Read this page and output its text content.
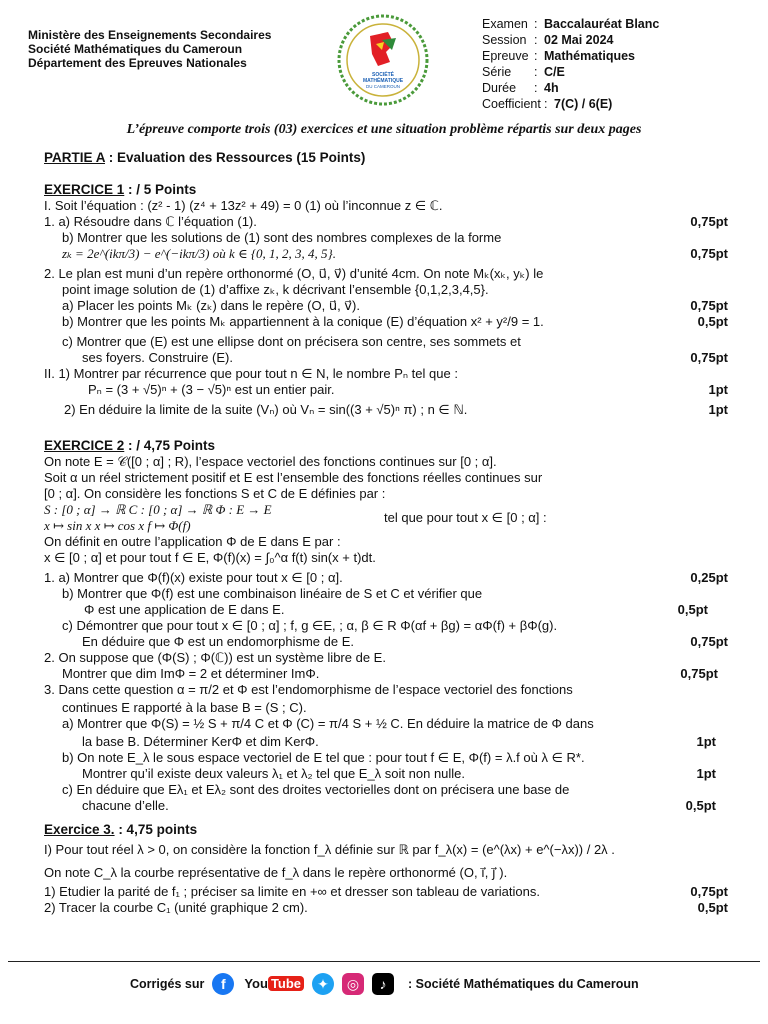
Ministère des Enseignements Secondaires
Société Mathématiques du Cameroun
Département des Epreuves Nationales
SOCIÉTÉ
MATHÉMATIQUE
DU CAMEROUN
Examen : Baccalauréat Blanc
Session : 02 Mai 2024
Epreuve : Mathématiques
Série	: C/E
Durée	: 4h
Coefficient : 7(C) / 6(E)
L’épreuve comporte trois (03) exercices et une situation problème répartis sur deux pages
PARTIE A : Evaluation des Ressources (15 Points)
EXERCICE 1 : / 5 Points
I. Soit l’équation : (z² - 1) (z⁴ + 13z² + 49) = 0 (1) où l’inconnue z ∈ ℂ.
1. a) Résoudre dans ℂ l’équation (1).	0,75pt
b) Montrer que les solutions de (1) sont des nombres complexes de la forme
zₖ = 2e^(ikπ/3) − e^(−ikπ/3) où k ∈ {0, 1, 2, 3, 4, 5}.	0,75pt
2. Le plan est muni d’un repère orthonormé (O, u⃗, v⃗) d’unité 4cm. On note Mₖ(xₖ, yₖ) le
point image solution de (1) d’affixe zₖ, k décrivant l’ensemble {0,1,2,3,4,5}.
a) Placer les points Mₖ (zₖ) dans le repère (O, u⃗, v⃗).	0,75pt
b) Montrer que les points Mₖ appartiennent à la conique (E) d’équation x² + y²/9 = 1.	0,5pt
c) Montrer que (E) est une ellipse dont on précisera son centre, ses sommets et
ses foyers. Construire (E).	0,75pt
II. 1) Montrer par récurrence que pour tout n ∈ N, le nombre Pₙ tel que :
Pₙ = (3 + √5)ⁿ + (3 − √5)ⁿ est un entier pair.	1pt
2) En déduire la limite de la suite (Vₙ) où Vₙ = sin((3 + √5)ⁿ π) ; n ∈ ℕ.	1pt
EXERCICE 2 : / 4,75 Points
On note E = 𝒞([0 ; α] ; R), l’espace vectoriel des fonctions continues sur [0 ; α].
Soit α un réel strictement positif et E est l’ensemble des fonctions réelles continues sur
[0 ; α]. On considère les fonctions S et C de E définies par :
S : [0 ; α] → ℝ C : [0 ; α] → ℝ Φ : E → E
x ↦ sin x x ↦ cos x f ↦ Φ(f)
tel que pour tout x ∈ [0 ; α] :
On définit en outre l’application Φ de E dans E par :
x ∈ [0 ; α] et pour tout f ∈ E, Φ(f)(x) = ∫₀^α f(t) sin(x + t)dt.
1. a) Montrer que Φ(f)(x) existe pour tout x ∈ [0 ; α].	0,25pt
b) Montrer que Φ(f) est une combinaison linéaire de S et C et vérifier que
Φ est une application de E dans E.	0,5pt
c) Démontrer que pour tout x ∈ [0 ; α] ; f, g ∈E, ; α, β ∈ R Φ(αf + βg) = αΦ(f) + βΦ(g).
En déduire que Φ est un endomorphisme de E.	0,75pt
2. On suppose que (Φ(S) ; Φ(ℂ)) est un système libre de E.
Montrer que dim ImΦ = 2 et déterminer ImΦ.	0,75pt
3. Dans cette question α = π/2 et Φ est l’endomorphisme de l’espace vectoriel des fonctions
continues E rapporté à la base B = (S ; C).
a) Montrer que Φ(S) = ½ S + π/4 C et Φ (C) = π/4 S + ½ C. En déduire la matrice de Φ dans
la base B. Déterminer KerΦ et dim KerΦ.	1pt
b) On note E_λ le sous espace vectoriel de E tel que : pour tout f ∈ E, Φ(f) = λ.f où λ ∈ R*.
Montrer qu’il existe deux valeurs λ₁ et λ₂ tel que E_λ soit non nulle.	1pt
c) En déduire que Eλ₁ et Eλ₂ sont des droites vectorielles dont on précisera une base de
chacune d’elle.	0,5pt
Exercice 3. : 4,75 points
I) Pour tout réel λ > 0, on considère la fonction f_λ définie sur ℝ par f_λ(x) = (e^(λx) + e^(−λx)) / 2λ .
On note C_λ la courbe représentative de f_λ dans le repère orthonormé (O, i⃗, j⃗ ).
1) Etudier la parité de f₁ ; préciser sa limite en +∞ et dresser son tableau de variations.	0,75pt
2) Tracer la courbe C₁ (unité graphique 2 cm).	0,5pt
Corrigés sur	f	You Tube	✦	◎	♪	: Société Mathématiques du Cameroun
